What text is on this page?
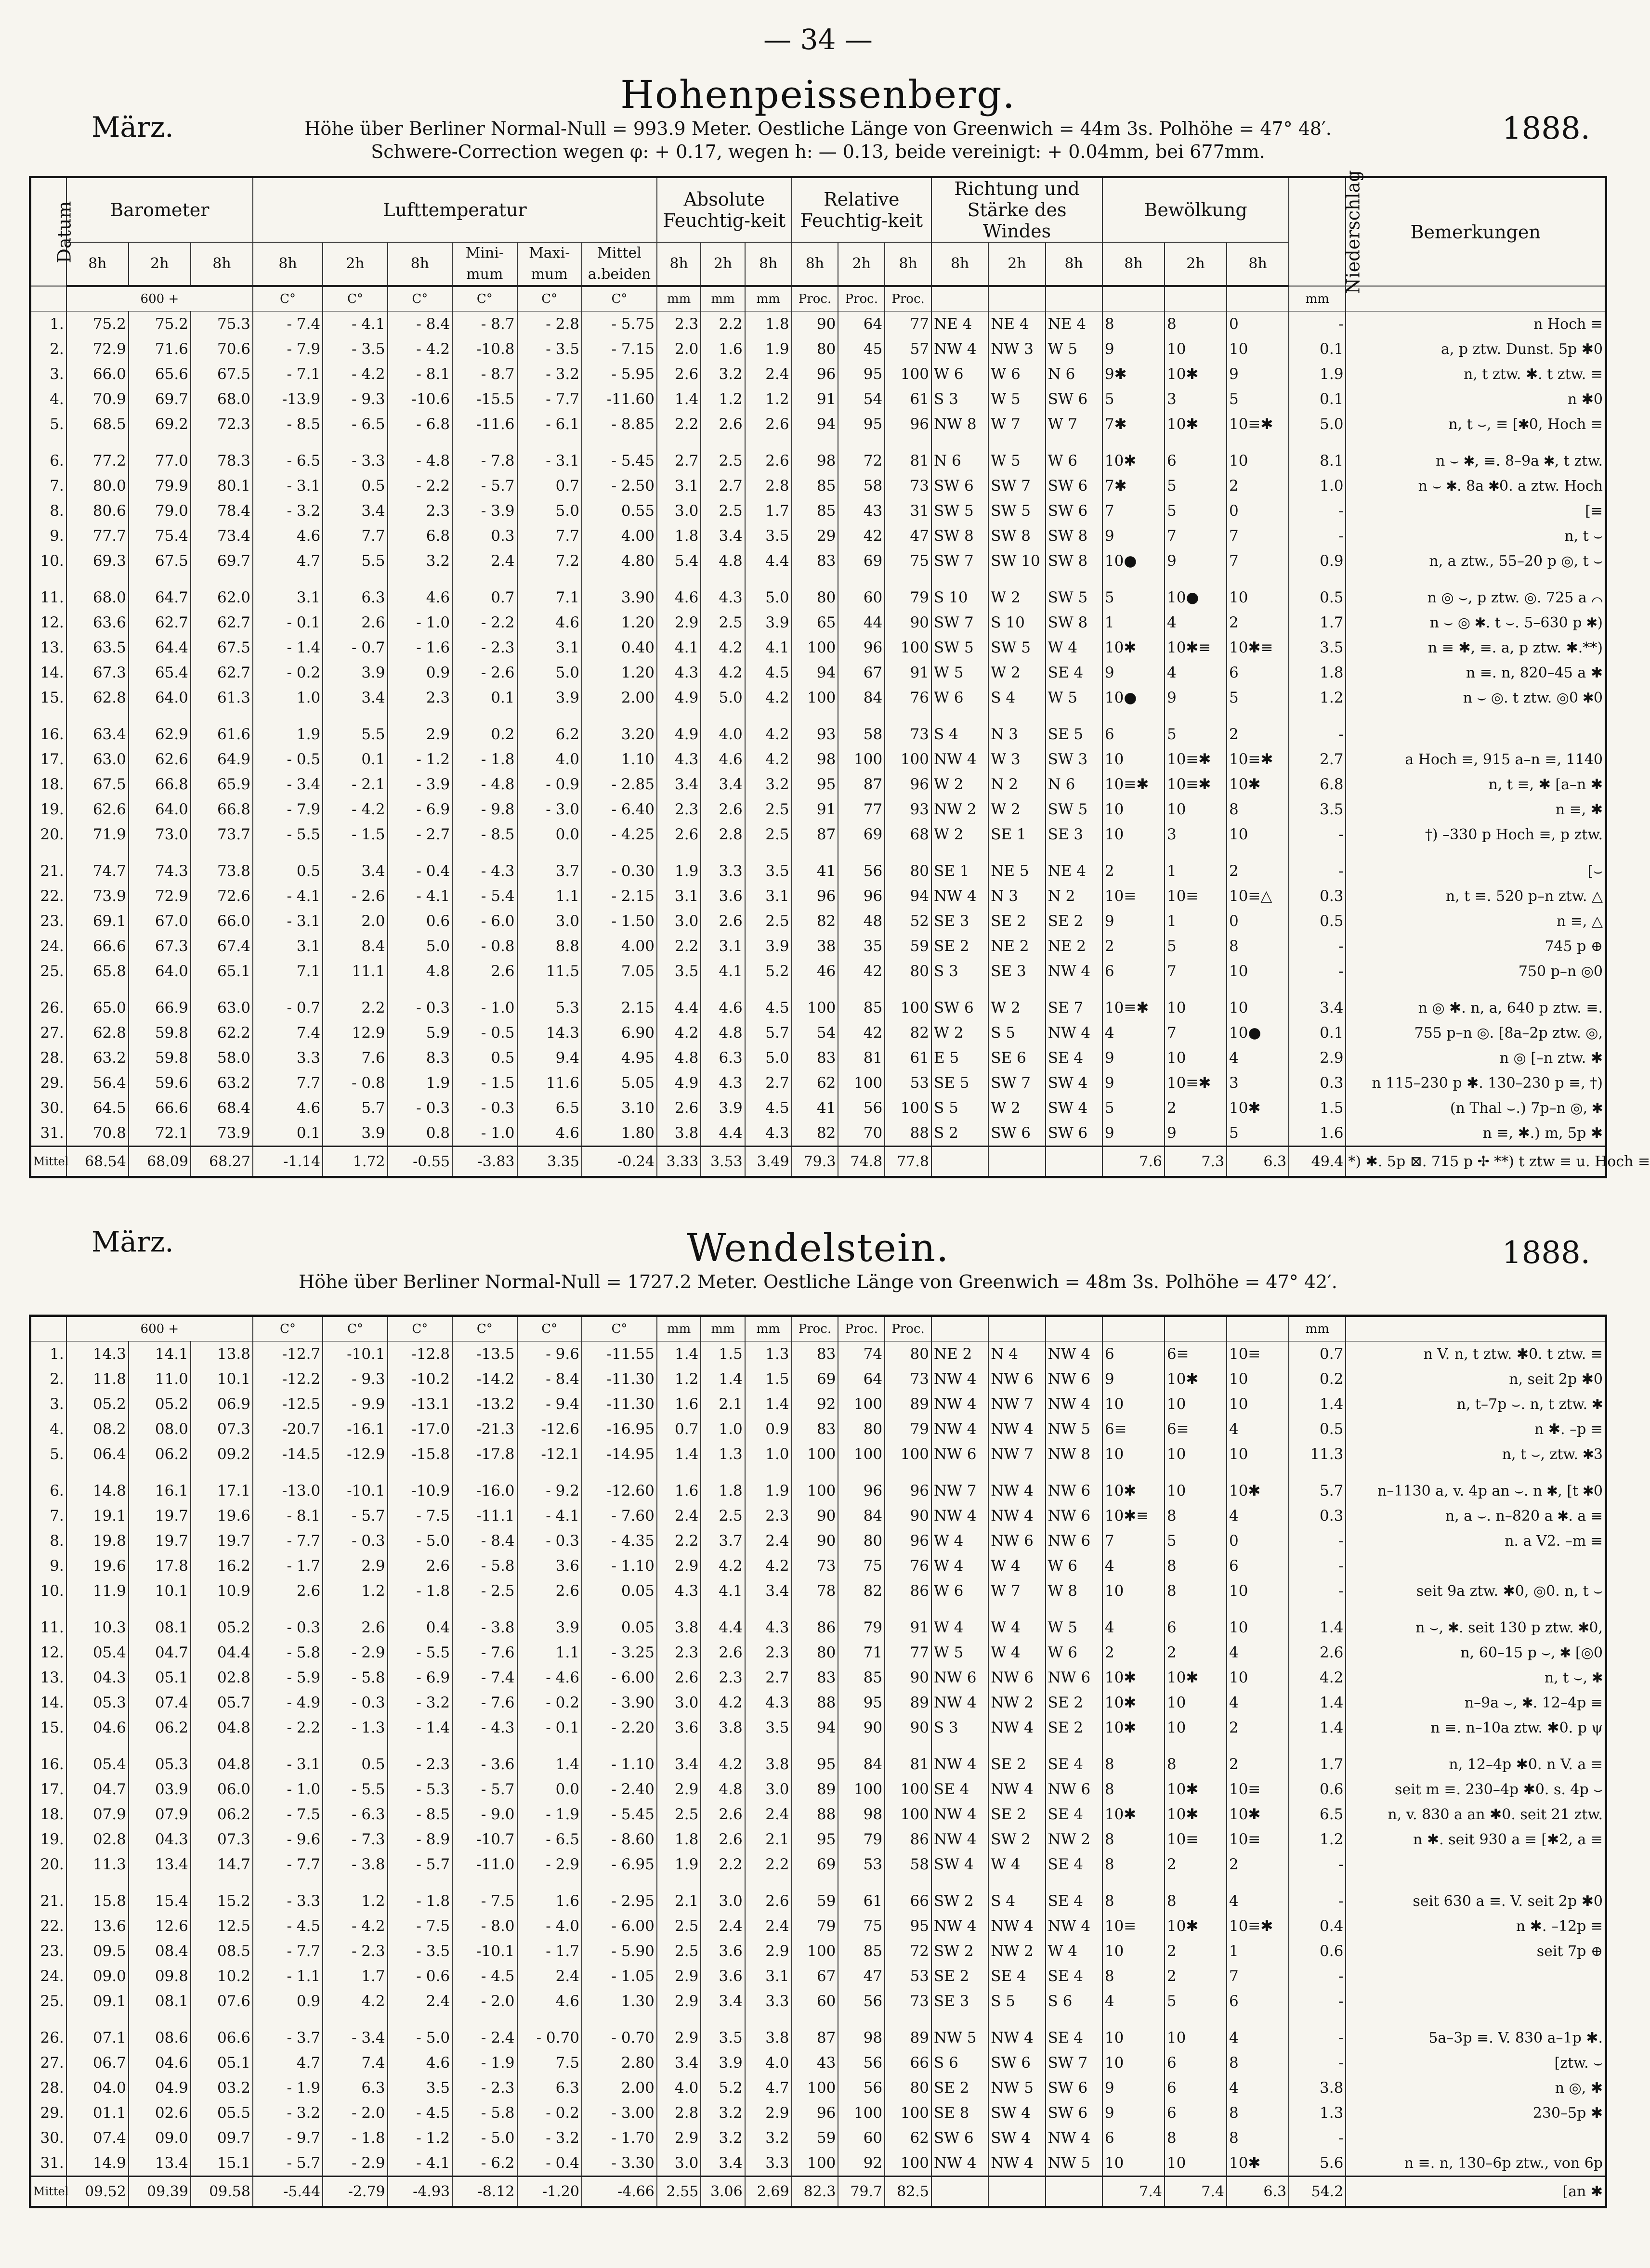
— 34 —
März.
Hohenpeissenberg.
1888.
Höhe über Berliner Normal-Null = 993.9 Meter. Oestliche Länge von Greenwich = 44m 3s. Polhöhe = 47° 48′.
Schwere-Correction wegen φ: + 0.17, wegen h: — 0.13, beide vereinigt: + 0.04mm, bei 677mm.
Datum	Barometer			Lufttemperatur						Absolute Feuchtig-keit			Relative Feuchtig-keit			Richtung und Stärke des Windes			Bewölkung			Niederschlag	Bemerkungen
	8h	2h	8h	8h	2h	8h	Mini-mum	Maxi-mum	Mittel a.beiden	8h	2h	8h	8h	2h	8h	8h	2h	8h	8h	2h	8h		
	600 +			C°	C°	C°	C°	C°	C°	mm	mm	mm	Proc.	Proc.	Proc.							mm	
1.	75.2	75.2	75.3	- 7.4	- 4.1	- 8.4	- 8.7	- 2.8	- 5.75	2.3	2.2	1.8	90	64	77	NE 4	NE 4	NE 4	8	8	0	-	n Hoch ≡
2.	72.9	71.6	70.6	- 7.9	- 3.5	- 4.2	-10.8	- 3.5	- 7.15	2.0	1.6	1.9	80	45	57	NW 4	NW 3	W 5	9	10	10	0.1	a, p ztw. Dunst. 5p ✱0
3.	66.0	65.6	67.5	- 7.1	- 4.2	- 8.1	- 8.7	- 3.2	- 5.95	2.6	3.2	2.4	96	95	100	W 6	W 6	N 6	9✱	10✱	9	1.9	n, t ztw. ✱. t ztw. ≡
4.	70.9	69.7	68.0	-13.9	- 9.3	-10.6	-15.5	- 7.7	-11.60	1.4	1.2	1.2	91	54	61	S 3	W 5	SW 6	5	3	5	0.1	n ✱0
5.	68.5	69.2	72.3	- 8.5	- 6.5	- 6.8	-11.6	- 6.1	- 8.85	2.2	2.6	2.6	94	95	96	NW 8	W 7	W 7	7✱	10✱	10≡✱	5.0	n, t ⌣, ≡ [✱0, Hoch ≡

6.	77.2	77.0	78.3	- 6.5	- 3.3	- 4.8	- 7.8	- 3.1	- 5.45	2.7	2.5	2.6	98	72	81	N 6	W 5	W 6	10✱	6	10	8.1	n ⌣ ✱, ≡. 8–9a ✱, t ztw.
7.	80.0	79.9	80.1	- 3.1	0.5	- 2.2	- 5.7	0.7	- 2.50	3.1	2.7	2.8	85	58	73	SW 6	SW 7	SW 6	7✱	5	2	1.0	n ⌣ ✱. 8a ✱0. a ztw. Hoch
8.	80.6	79.0	78.4	- 3.2	3.4	2.3	- 3.9	5.0	0.55	3.0	2.5	1.7	85	43	31	SW 5	SW 5	SW 6	7	5	0	-	[≡
9.	77.7	75.4	73.4	4.6	7.7	6.8	0.3	7.7	4.00	1.8	3.4	3.5	29	42	47	SW 8	SW 8	SW 8	9	7	7	-	n, t ⌣
10.	69.3	67.5	69.7	4.7	5.5	3.2	2.4	7.2	4.80	5.4	4.8	4.4	83	69	75	SW 7	SW 10	SW 8	10●	9	7	0.9	n, a ztw., 55–20 p ◎, t ⌣

11.	68.0	64.7	62.0	3.1	6.3	4.6	0.7	7.1	3.90	4.6	4.3	5.0	80	60	79	S 10	W 2	SW 5	5	10●	10	0.5	n ◎ ⌣, p ztw. ◎. 725 a ⌒
12.	63.6	62.7	62.7	- 0.1	2.6	- 1.0	- 2.2	4.6	1.20	2.9	2.5	3.9	65	44	90	SW 7	S 10	SW 8	1	4	2	1.7	n ⌣ ◎ ✱. t ⌣. 5–630 p ✱)
13.	63.5	64.4	67.5	- 1.4	- 0.7	- 1.6	- 2.3	3.1	0.40	4.1	4.2	4.1	100	96	100	SW 5	SW 5	W 4	10✱	10✱≡	10✱≡	3.5	n ≡ ✱, ≡. a, p ztw. ✱.**)
14.	67.3	65.4	62.7	- 0.2	3.9	0.9	- 2.6	5.0	1.20	4.3	4.2	4.5	94	67	91	W 5	W 2	SE 4	9	4	6	1.8	n ≡. n, 820–45 a ✱
15.	62.8	64.0	61.3	1.0	3.4	2.3	0.1	3.9	2.00	4.9	5.0	4.2	100	84	76	W 6	S 4	W 5	10●	9	5	1.2	n ⌣ ◎. t ztw. ◎0 ✱0

16.	63.4	62.9	61.6	1.9	5.5	2.9	0.2	6.2	3.20	4.9	4.0	4.2	93	58	73	S 4	N 3	SE 5	6	5	2	-	
17.	63.0	62.6	64.9	- 0.5	0.1	- 1.2	- 1.8	4.0	1.10	4.3	4.6	4.2	98	100	100	NW 4	W 3	SW 3	10	10≡✱	10≡✱	2.7	a Hoch ≡, 915 a–n ≡, 1140
18.	67.5	66.8	65.9	- 3.4	- 2.1	- 3.9	- 4.8	- 0.9	- 2.85	3.4	3.4	3.2	95	87	96	W 2	N 2	N 6	10≡✱	10≡✱	10✱	6.8	n, t ≡, ✱ [a–n ✱
19.	62.6	64.0	66.8	- 7.9	- 4.2	- 6.9	- 9.8	- 3.0	- 6.40	2.3	2.6	2.5	91	77	93	NW 2	W 2	SW 5	10	10	8	3.5	n ≡, ✱
20.	71.9	73.0	73.7	- 5.5	- 1.5	- 2.7	- 8.5	0.0	- 4.25	2.6	2.8	2.5	87	69	68	W 2	SE 1	SE 3	10	3	10	-	†) –330 p Hoch ≡, p ztw.

21.	74.7	74.3	73.8	0.5	3.4	- 0.4	- 4.3	3.7	- 0.30	1.9	3.3	3.5	41	56	80	SE 1	NE 5	NE 4	2	1	2	-	[⌣
22.	73.9	72.9	72.6	- 4.1	- 2.6	- 4.1	- 5.4	1.1	- 2.15	3.1	3.6	3.1	96	96	94	NW 4	N 3	N 2	10≡	10≡	10≡△	0.3	n, t ≡. 520 p–n ztw. △
23.	69.1	67.0	66.0	- 3.1	2.0	0.6	- 6.0	3.0	- 1.50	3.0	2.6	2.5	82	48	52	SE 3	SE 2	SE 2	9	1	0	0.5	n ≡, △
24.	66.6	67.3	67.4	3.1	8.4	5.0	- 0.8	8.8	4.00	2.2	3.1	3.9	38	35	59	SE 2	NE 2	NE 2	2	5	8	-	745 p ⊕
25.	65.8	64.0	65.1	7.1	11.1	4.8	2.6	11.5	7.05	3.5	4.1	5.2	46	42	80	S 3	SE 3	NW 4	6	7	10	-	750 p–n ◎0

26.	65.0	66.9	63.0	- 0.7	2.2	- 0.3	- 1.0	5.3	2.15	4.4	4.6	4.5	100	85	100	SW 6	W 2	SE 7	10≡✱	10	10	3.4	n ◎ ✱. n, a, 640 p ztw. ≡.
27.	62.8	59.8	62.2	7.4	12.9	5.9	- 0.5	14.3	6.90	4.2	4.8	5.7	54	42	82	W 2	S 5	NW 4	4	7	10●	0.1	755 p–n ◎. [8a–2p ztw. ◎,
28.	63.2	59.8	58.0	3.3	7.6	8.3	0.5	9.4	4.95	4.8	6.3	5.0	83	81	61	E 5	SE 6	SE 4	9	10	4	2.9	n ◎ [–n ztw. ✱
29.	56.4	59.6	63.2	7.7	- 0.8	1.9	- 1.5	11.6	5.05	4.9	4.3	2.7	62	100	53	SE 5	SW 7	SW 4	9	10≡✱	3	0.3	n 115–230 p ✱. 130–230 p ≡, †)
30.	64.5	66.6	68.4	4.6	5.7	- 0.3	- 0.3	6.5	3.10	2.6	3.9	4.5	41	56	100	S 5	W 2	SW 4	5	2	10✱	1.5	(n Thal ⌣.) 7p–n ◎, ✱
31.	70.8	72.1	73.9	0.1	3.9	0.8	- 1.0	4.6	1.80	3.8	4.4	4.3	82	70	88	S 2	SW 6	SW 6	9	9	5	1.6	n ≡, ✱.) m, 5p ✱
Mittel	68.54	68.09	68.27	-1.14	1.72	-0.55	-3.83	3.35	-0.24	3.33	3.53	3.49	79.3	74.8	77.8				7.6	7.3	6.3	49.4	*) ✱. 5p ⊠. 715 p ✢ **) t ztw ≡ u. Hoch ≡
März.	Wendelstein.	1888.
Höhe über Berliner Normal-Null = 1727.2 Meter. Oestliche Länge von Greenwich = 48m 3s. Polhöhe = 47° 42′.
	600 +			C°	C°	C°	C°	C°	C°	mm	mm	mm	Proc.	Proc.	Proc.							mm	
1.	14.3	14.1	13.8	-12.7	-10.1	-12.8	-13.5	- 9.6	-11.55	1.4	1.5	1.3	83	74	80	NE 2	N 4	NW 4	6	6≡	10≡	0.7	n V. n, t ztw. ✱0. t ztw. ≡
2.	11.8	11.0	10.1	-12.2	- 9.3	-10.2	-14.2	- 8.4	-11.30	1.2	1.4	1.5	69	64	73	NW 4	NW 6	NW 6	9	10✱	10	0.2	n, seit 2p ✱0
3.	05.2	05.2	06.9	-12.5	- 9.9	-13.1	-13.2	- 9.4	-11.30	1.6	2.1	1.4	92	100	89	NW 4	NW 7	NW 4	10	10	10	1.4	n, t–7p ⌣. n, t ztw. ✱
4.	08.2	08.0	07.3	-20.7	-16.1	-17.0	-21.3	-12.6	-16.95	0.7	1.0	0.9	83	80	79	NW 4	NW 4	NW 5	6≡	6≡	4	0.5	n ✱. –p ≡
5.	06.4	06.2	09.2	-14.5	-12.9	-15.8	-17.8	-12.1	-14.95	1.4	1.3	1.0	100	100	100	NW 6	NW 7	NW 8	10	10	10	11.3	n, t ⌣, ztw. ✱3

6.	14.8	16.1	17.1	-13.0	-10.1	-10.9	-16.0	- 9.2	-12.60	1.6	1.8	1.9	100	96	96	NW 7	NW 4	NW 6	10✱	10	10✱	5.7	n–1130 a, v. 4p an ⌣. n ✱, [t ✱0
7.	19.1	19.7	19.6	- 8.1	- 5.7	- 7.5	-11.1	- 4.1	- 7.60	2.4	2.5	2.3	90	84	90	NW 4	NW 4	NW 6	10✱≡	8	4	0.3	n, a ⌣. n–820 a ✱. a ≡
8.	19.8	19.7	19.7	- 7.7	- 0.3	- 5.0	- 8.4	- 0.3	- 4.35	2.2	3.7	2.4	90	80	96	W 4	NW 6	NW 6	7	5	0	-	n. a V2. –m ≡
9.	19.6	17.8	16.2	- 1.7	2.9	2.6	- 5.8	3.6	- 1.10	2.9	4.2	4.2	73	75	76	W 4	W 4	W 6	4	8	6	-	
10.	11.9	10.1	10.9	2.6	1.2	- 1.8	- 2.5	2.6	0.05	4.3	4.1	3.4	78	82	86	W 6	W 7	W 8	10	8	10	-	seit 9a ztw. ✱0, ◎0. n, t ⌣

11.	10.3	08.1	05.2	- 0.3	2.6	0.4	- 3.8	3.9	0.05	3.8	4.4	4.3	86	79	91	W 4	W 4	W 5	4	6	10	1.4	n ⌣, ✱. seit 130 p ztw. ✱0,
12.	05.4	04.7	04.4	- 5.8	- 2.9	- 5.5	- 7.6	1.1	- 3.25	2.3	2.6	2.3	80	71	77	W 5	W 4	W 6	2	2	4	2.6	n, 60–15 p ⌣, ✱ [◎0
13.	04.3	05.1	02.8	- 5.9	- 5.8	- 6.9	- 7.4	- 4.6	- 6.00	2.6	2.3	2.7	83	85	90	NW 6	NW 6	NW 6	10✱	10✱	10	4.2	n, t ⌣, ✱
14.	05.3	07.4	05.7	- 4.9	- 0.3	- 3.2	- 7.6	- 0.2	- 3.90	3.0	4.2	4.3	88	95	89	NW 4	NW 2	SE 2	10✱	10	4	1.4	n–9a ⌣, ✱. 12–4p ≡
15.	04.6	06.2	04.8	- 2.2	- 1.3	- 1.4	- 4.3	- 0.1	- 2.20	3.6	3.8	3.5	94	90	90	S 3	NW 4	SE 2	10✱	10	2	1.4	n ≡. n–10a ztw. ✱0. p ψ

16.	05.4	05.3	04.8	- 3.1	0.5	- 2.3	- 3.6	1.4	- 1.10	3.4	4.2	3.8	95	84	81	NW 4	SE 2	SE 4	8	8	2	1.7	n, 12–4p ✱0. n V. a ≡
17.	04.7	03.9	06.0	- 1.0	- 5.5	- 5.3	- 5.7	0.0	- 2.40	2.9	4.8	3.0	89	100	100	SE 4	NW 4	NW 6	8	10✱	10≡	0.6	seit m ≡. 230–4p ✱0. s. 4p ⌣
18.	07.9	07.9	06.2	- 7.5	- 6.3	- 8.5	- 9.0	- 1.9	- 5.45	2.5	2.6	2.4	88	98	100	NW 4	SE 2	SE 4	10✱	10✱	10✱	6.5	n, v. 830 a an ✱0. seit 21 ztw.
19.	02.8	04.3	07.3	- 9.6	- 7.3	- 8.9	-10.7	- 6.5	- 8.60	1.8	2.6	2.1	95	79	86	NW 4	SW 2	NW 2	8	10≡	10≡	1.2	n ✱. seit 930 a ≡ [✱2, a ≡
20.	11.3	13.4	14.7	- 7.7	- 3.8	- 5.7	-11.0	- 2.9	- 6.95	1.9	2.2	2.2	69	53	58	SW 4	W 4	SE 4	8	2	2	-	

21.	15.8	15.4	15.2	- 3.3	1.2	- 1.8	- 7.5	1.6	- 2.95	2.1	3.0	2.6	59	61	66	SW 2	S 4	SE 4	8	8	4	-	seit 630 a ≡. V. seit 2p ✱0
22.	13.6	12.6	12.5	- 4.5	- 4.2	- 7.5	- 8.0	- 4.0	- 6.00	2.5	2.4	2.4	79	75	95	NW 4	NW 4	NW 4	10≡	10✱	10≡✱	0.4	n ✱. –12p ≡
23.	09.5	08.4	08.5	- 7.7	- 2.3	- 3.5	-10.1	- 1.7	- 5.90	2.5	3.6	2.9	100	85	72	SW 2	NW 2	W 4	10	2	1	0.6	seit 7p ⊕
24.	09.0	09.8	10.2	- 1.1	1.7	- 0.6	- 4.5	2.4	- 1.05	2.9	3.6	3.1	67	47	53	SE 2	SE 4	SE 4	8	2	7	-	
25.	09.1	08.1	07.6	0.9	4.2	2.4	- 2.0	4.6	1.30	2.9	3.4	3.3	60	56	73	SE 3	S 5	S 6	4	5	6	-	

26.	07.1	08.6	06.6	- 3.7	- 3.4	- 5.0	- 2.4	- 0.70	- 0.70	2.9	3.5	3.8	87	98	89	NW 5	NW 4	SE 4	10	10	4	-	5a–3p ≡. V. 830 a–1p ✱.
27.	06.7	04.6	05.1	4.7	7.4	4.6	- 1.9	7.5	2.80	3.4	3.9	4.0	43	56	66	S 6	SW 6	SW 7	10	6	8	-	[ztw. ⌣
28.	04.0	04.9	03.2	- 1.9	6.3	3.5	- 2.3	6.3	2.00	4.0	5.2	4.7	100	56	80	SE 2	NW 5	SW 6	9	6	4	3.8	n ◎, ✱
29.	01.1	02.6	05.5	- 3.2	- 2.0	- 4.5	- 5.8	- 0.2	- 3.00	2.8	3.2	2.9	96	100	100	SE 8	SW 4	SW 6	9	6	8	1.3	230–5p ✱
30.	07.4	09.0	09.7	- 9.7	- 1.8	- 1.2	- 5.0	- 3.2	- 1.70	2.9	3.2	3.2	59	60	62	SW 6	SW 4	NW 4	6	8	8	-	
31.	14.9	13.4	15.1	- 5.7	- 2.9	- 4.1	- 6.2	- 0.4	- 3.30	3.0	3.4	3.3	100	92	100	NW 4	NW 4	NW 5	10	10	10✱	5.6	n ≡. n, 130–6p ztw., von 6p
Mittel	09.52	09.39	09.58	-5.44	-2.79	-4.93	-8.12	-1.20	-4.66	2.55	3.06	2.69	82.3	79.7	82.5				7.4	7.4	6.3	54.2	[an ✱
